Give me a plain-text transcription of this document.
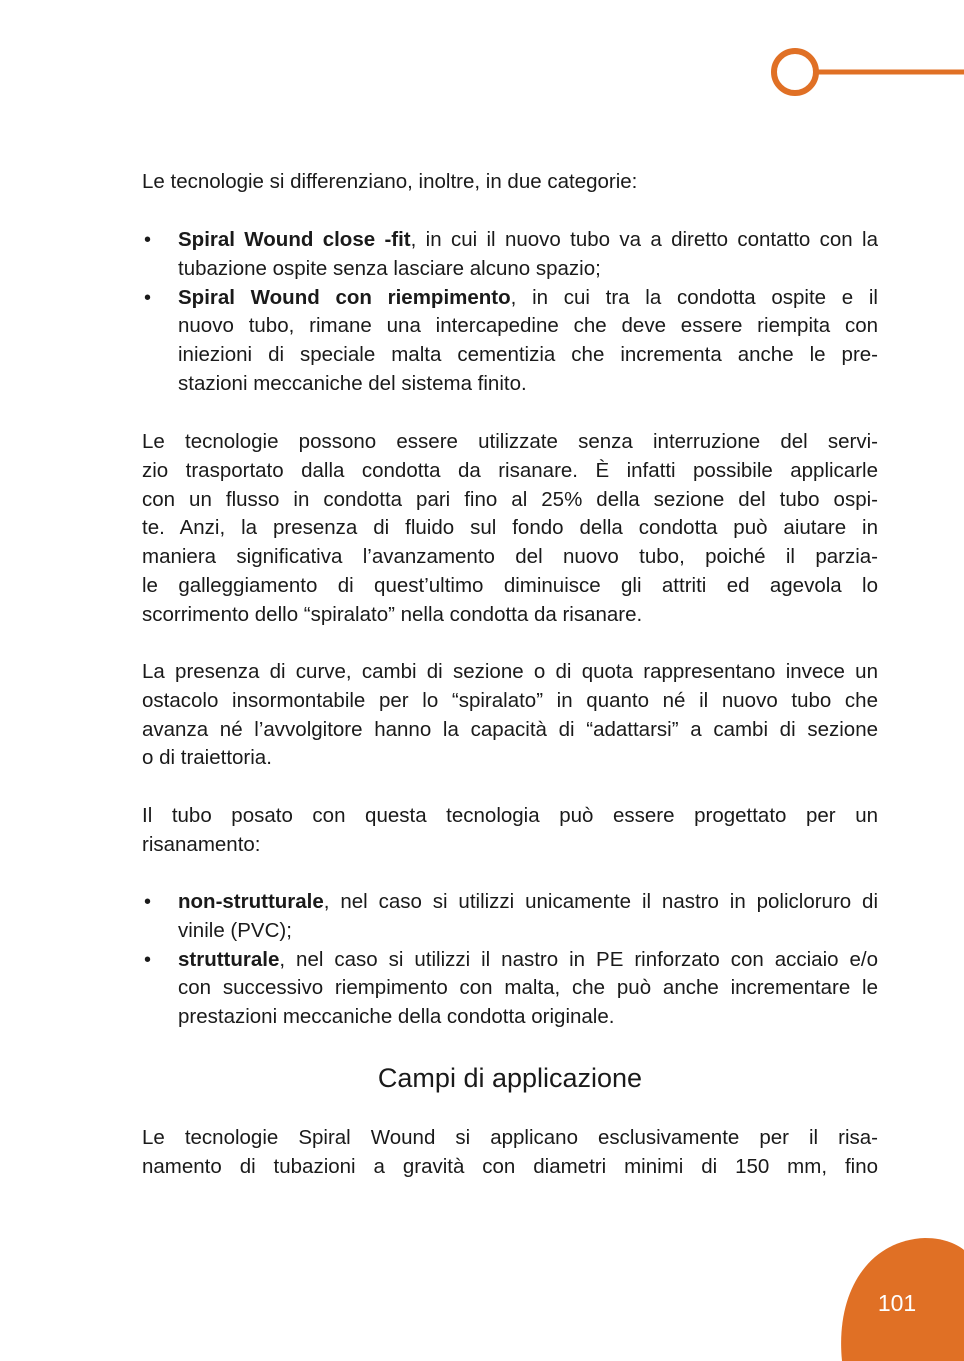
101
Le tecnologie si differenziano, inoltre, in due categorie:
• Spiral Wound close -fit, in cui il nuovo tubo va a diretto contatto con la
tubazione ospite senza lasciare alcuno spazio;
• Spiral Wound con riempimento, in cui tra la condotta ospite e il
nuovo tubo, rimane una intercapedine che deve essere riempita con
iniezioni di speciale malta cementizia che incrementa anche le pre-
stazioni meccaniche del sistema finito.
Le tecnologie possono essere utilizzate senza interruzione del servi-
zio trasportato dalla condotta da risanare. È infatti possibile applicarle
con un flusso in condotta pari fino al 25% della sezione del tubo ospi-
te. Anzi, la presenza di fluido sul fondo della condotta può aiutare in
maniera significativa l’avanzamento del nuovo tubo, poiché il parzia-
le galleggiamento di quest’ultimo diminuisce gli attriti ed agevola lo
scorrimento dello “spiralato” nella condotta da risanare.
La presenza di curve, cambi di sezione o di quota rappresentano invece un
ostacolo insormontabile per lo “spiralato” in quanto né il nuovo tubo che
avanza né l’avvolgitore hanno la capacità di “adattarsi” a cambi di sezione
o di traiettoria.
Il tubo posato con questa tecnologia può essere progettato per un
risanamento:
• non-strutturale, nel caso si utilizzi unicamente il nastro in policloruro di
vinile (PVC);
• strutturale, nel caso si utilizzi il nastro in PE rinforzato con acciaio e/o
con successivo riempimento con malta, che può anche incrementare le
prestazioni meccaniche della condotta originale.
Campi di applicazione
Le tecnologie Spiral Wound si applicano esclusivamente per il risa-
namento di tubazioni a gravità con diametri minimi di 150 mm, fino
